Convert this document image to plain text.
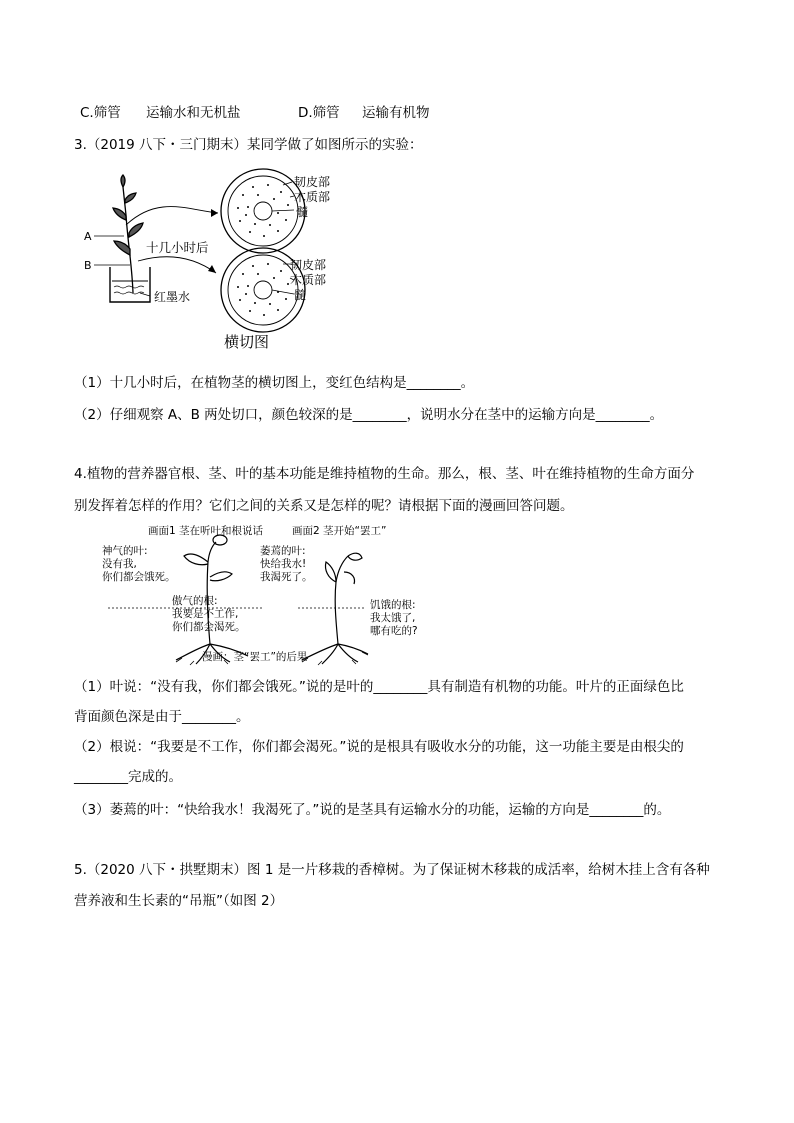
C.筛管 运输水和无机盐	D.筛管 运输有机物
3.（2019 八下・三门期末）某同学做了如图所示的实验：
A
B
十几小时后
红墨水
韧皮部
木质部
髓
韧皮部
木质部
髓
横切图
（1）十几小时后，在植物茎的横切图上，变红色结构是________。
（2）仔细观察 A、B 两处切口，颜色较深的是________，说明水分在茎中的运输方向是________。
4.植物的营养器官根、茎、叶的基本功能是维持植物的生命。那么，根、茎、叶在维持植物的生命方面分
别发挥着怎样的作用？它们之间的关系又是怎样的呢？请根据下面的漫画回答问题。
画面1 茎在听叶和根说话	画面2 茎开始“罢工”
神气的叶:
没有我,
你们都会饿死。
傲气的根:
我要是不工作,
你们都会渴死。
萎蔫的叶:
快给我水!
我渴死了。
饥饿的根:
我太饿了,
哪有吃的?
漫画：茎“罢工”的后果
（1）叶说：“没有我，你们都会饿死。”说的是叶的________具有制造有机物的功能。叶片的正面绿色比
背面颜色深是由于________。
（2）根说：“我要是不工作，你们都会渴死。”说的是根具有吸收水分的功能，这一功能主要是由根尖的
________完成的。
（3）萎蔫的叶：“快给我水！我渴死了。”说的是茎具有运输水分的功能，运输的方向是________的。
5.（2020 八下・拱墅期末）图 1 是一片移栽的香樟树。为了保证树木移栽的成活率，给树木挂上含有各种
营养液和生长素的“吊瓶”（如图 2）
